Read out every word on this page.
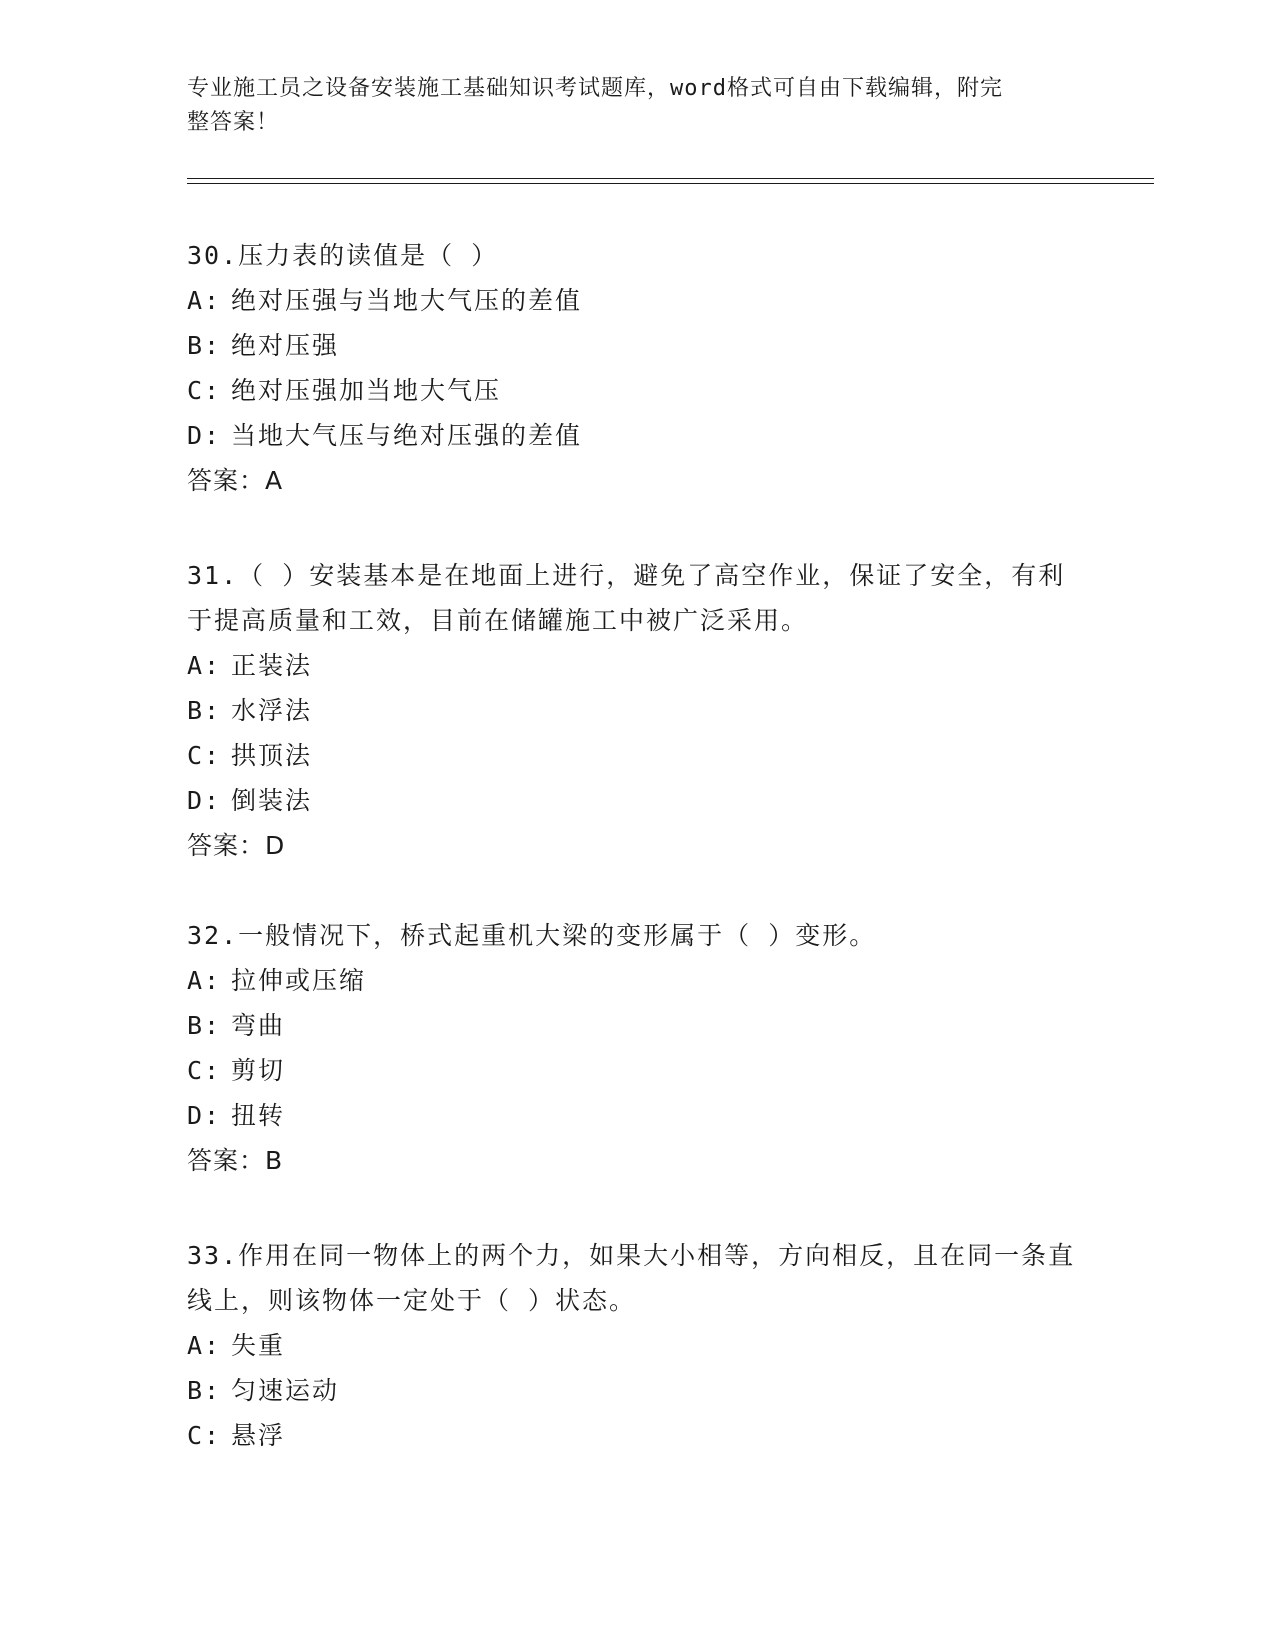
专业施工员之设备安装施工基础知识考试题库，word格式可自由下载编辑，附完
整答案！
30.压力表的读值是（ ）
A: 绝对压强与当地大气压的差值
B: 绝对压强
C: 绝对压强加当地大气压
D: 当地大气压与绝对压强的差值
答案：A
31.（ ）安装基本是在地面上进行，避免了高空作业，保证了安全，有利于提高质量和工效，目前在储罐施工中被广泛采用。
A: 正装法
B: 水浮法
C: 拱顶法
D: 倒装法
答案：D
32.一般情况下，桥式起重机大梁的变形属于（ ）变形。
A: 拉伸或压缩
B: 弯曲
C: 剪切
D: 扭转
答案：B
33.作用在同一物体上的两个力，如果大小相等，方向相反，且在同一条直线上，则该物体一定处于（ ）状态。
A: 失重
B: 匀速运动
C: 悬浮
